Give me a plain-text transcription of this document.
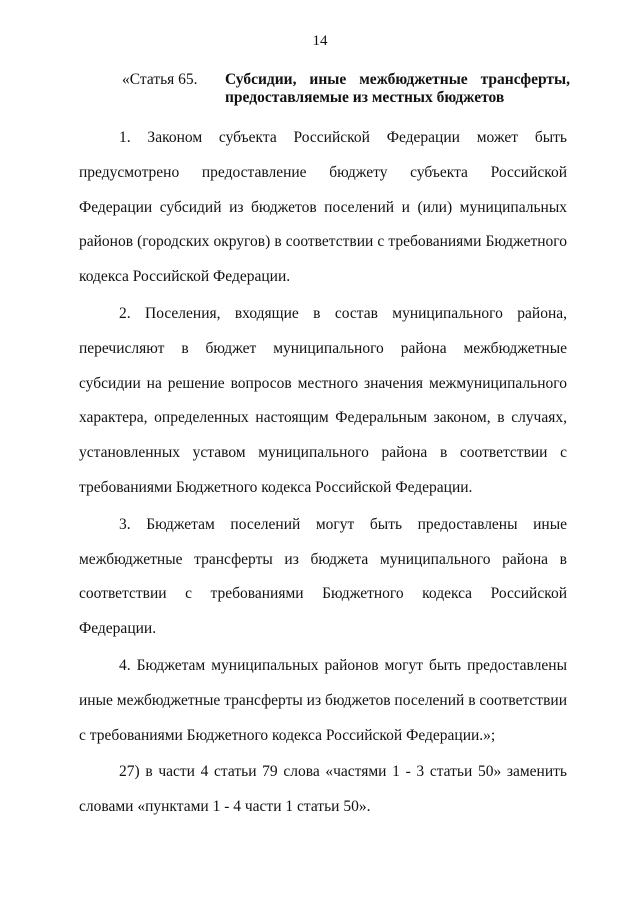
14
«Статья 65. Субсидии, иные межбюджетные трансферты,
предоставляемые из местных бюджетов

1. Законом субъекта Российской Федерации может быть предусмотрено предоставление бюджету субъекта Российской Федерации субсидий из бюджетов поселений и (или) муниципальных районов (городских округов) в соответствии с требованиями Бюджетного кодекса Российской Федерации.

2. Поселения, входящие в состав муниципального района, перечисляют в бюджет муниципального района межбюджетные субсидии на решение вопросов местного значения межмуниципального характера, определенных настоящим Федеральным законом, в случаях, установленных уставом муниципального района в соответствии с требованиями Бюджетного кодекса Российской Федерации.

3. Бюджетам поселений могут быть предоставлены иные межбюджетные трансферты из бюджета муниципального района в соответствии с требованиями Бюджетного кодекса Российской Федерации.

4. Бюджетам муниципальных районов могут быть предоставлены иные межбюджетные трансферты из бюджетов поселений в соответствии с требованиями Бюджетного кодекса Российской Федерации.»;

27) в части 4 статьи 79 слова «частями 1 - 3 статьи 50» заменить словами «пунктами 1 - 4 части 1 статьи 50».
